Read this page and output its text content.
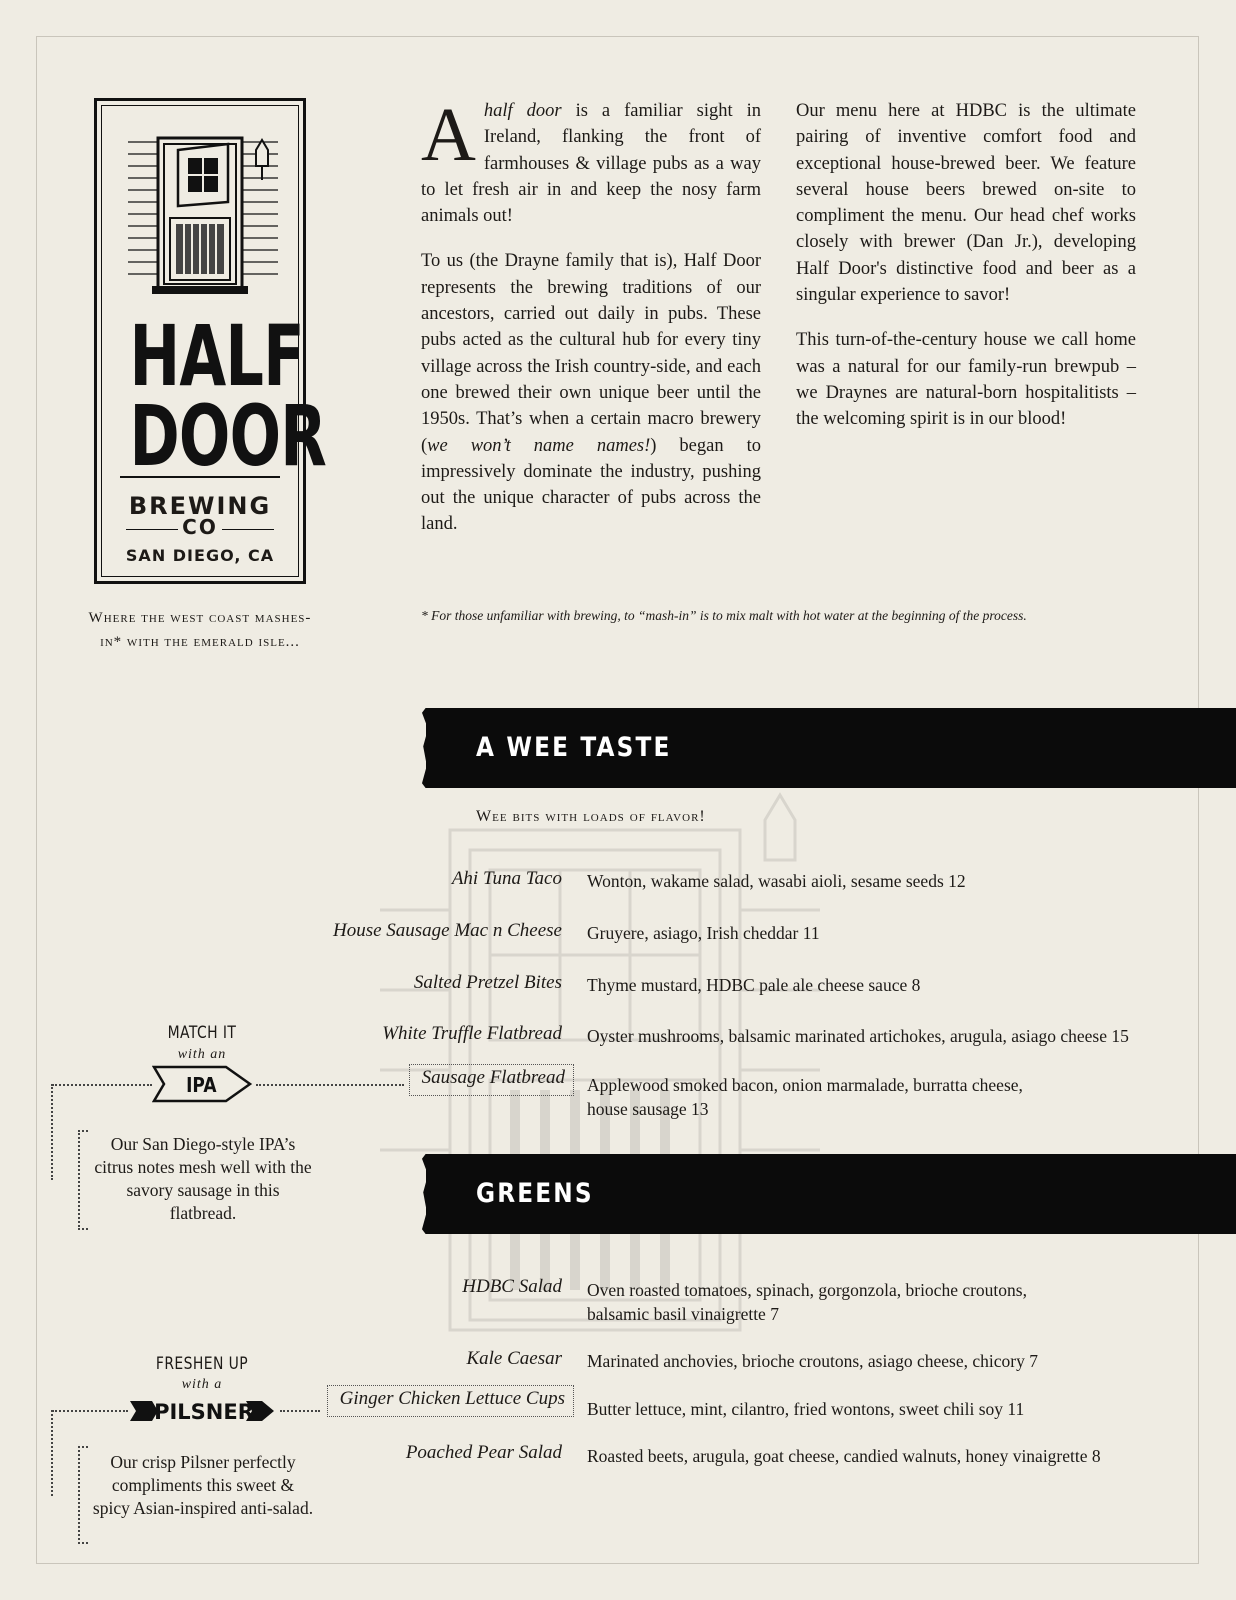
HALF
DOOR
BREWING
CO
SAN DIEGO, CA
Where the west coast mashes-in* with the emerald isle...

Ahalf door is a familiar sight in Ireland, flanking the front of farmhouses & village pubs as a way to let fresh air in and keep the nosy farm animals out!

To us (the Drayne family that is), Half Door represents the brewing traditions of our ancestors, carried out daily in pubs. These pubs acted as the cultural hub for every tiny village across the Irish country-side, and each one brewed their own unique beer until the 1950s. That’s when a certain macro brewery (we won’t name names!) began to impressively dominate the industry, pushing out the unique character of pubs across the land.

Our menu here at HDBC is the ultimate pairing of inventive comfort food and exceptional house-brewed beer. We feature several house beers brewed on-site to compliment the menu. Our head chef works closely with brewer (Dan Jr.), developing Half Door's distinctive food and beer as a singular experience to savor!

This turn-of-the-century house we call home was a natural for our family-run brewpub – we Draynes are natural-born hospitalitists – the welcoming spirit is in our blood!

* For those unfamiliar with brewing, to “mash-in” is to mix malt with hot water at the beginning of the process.
A WEE TASTE
Wee bits with loads of flavor!
Ahi Tuna Taco Wonton, wakame salad, wasabi aioli, sesame seeds 12
House Sausage Mac n Cheese Gruyere, asiago, Irish cheddar 11
Salted Pretzel Bites Thyme mustard, HDBC pale ale cheese sauce 8
White Truffle Flatbread Oyster mushrooms, balsamic marinated artichokes, arugula, asiago cheese 15
Sausage Flatbread	Applewood smoked bacon, onion marmalade, burratta cheese,
house sausage 13
GREENS
HDBC Salad Oven roasted tomatoes, spinach, gorgonzola, brioche croutons,
balsamic basil vinaigrette 7
Kale Caesar Marinated anchovies, brioche croutons, asiago cheese, chicory 7
Ginger Chicken Lettuce Cups	Butter lettuce, mint, cilantro, fried wontons, sweet chili soy 11
Poached Pear Salad Roasted beets, arugula, goat cheese, candied walnuts, honey vinaigrette 8
MATCH IT
with an
IPA
Our San Diego-style IPA’s citrus notes mesh well with the savory sausage in this flatbread.
FRESHEN UP
with a
PILSNER
Our crisp Pilsner perfectly compliments this sweet & spicy Asian-inspired anti-salad.
